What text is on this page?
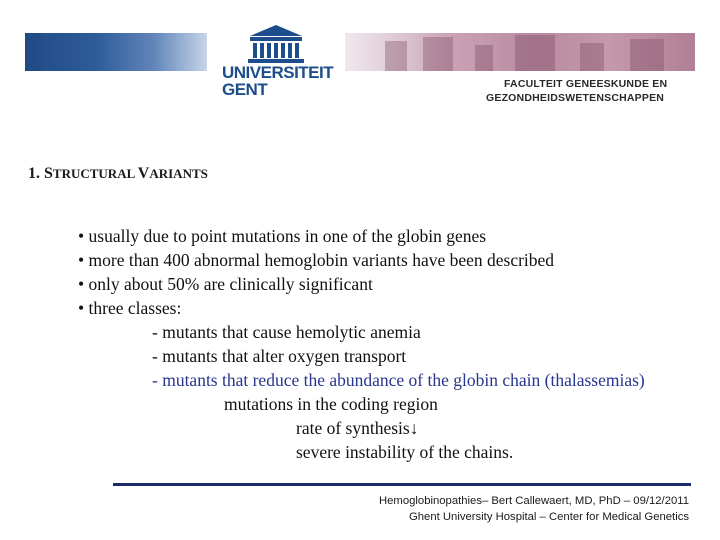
UNIVERSITEIT
GENT	FACULTEIT GENEESKUNDE EN
GEZONDHEIDSWETENSCHAPPEN
1. STRUCTURAL VARIANTS
• usually due to point mutations in one of the globin genes
• more than 400 abnormal hemoglobin variants have been described
• only about 50% are clinically significant
• three classes:
- mutants that cause hemolytic anemia
- mutants that alter oxygen transport
- mutants that reduce the abundance of the globin chain (thalassemias)
mutations in the coding region
rate of synthesis↓
severe instability of the chains.
Hemoglobinopathies– Bert Callewaert, MD, PhD – 09/12/2011
Ghent University Hospital – Center for Medical Genetics
